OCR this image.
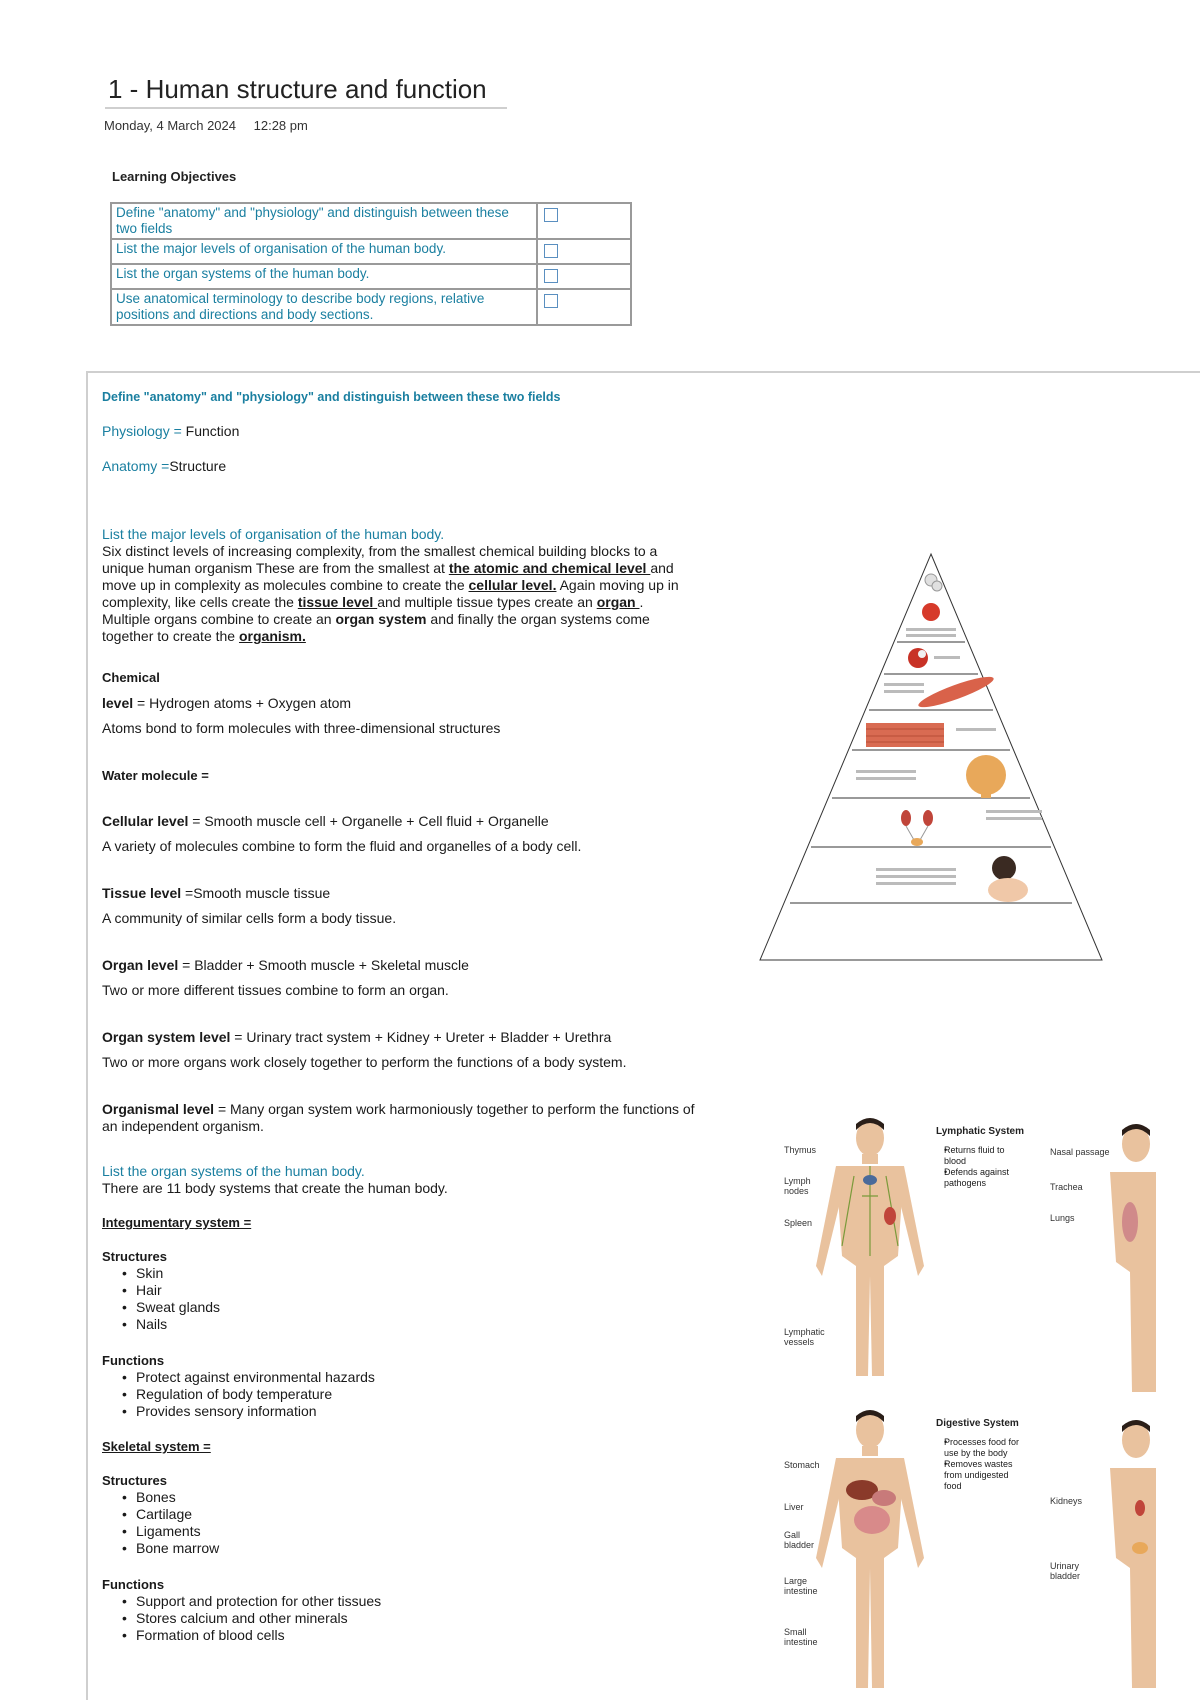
1 - Human structure and function
Monday, 4 March 2024 12:28 pm
Learning Objectives
Define "anatomy" and "physiology" and distinguish between these two fields	
List the major levels of organisation of the human body.	
List the organ systems of the human body.	
Use anatomical terminology to describe body regions, relative positions and directions and body sections.	
Define "anatomy" and "physiology" and distinguish between these two fields
Physiology = Function
Anatomy =Structure
List the major levels of organisation of the human body.
Six distinct levels of increasing complexity, from the smallest chemical building blocks to a
unique human organism These are from the smallest at the atomic and chemical level and
move up in complexity as molecules combine to create the cellular level. Again moving up in
complexity, like cells create the tissue level and multiple tissue types create an organ .
Multiple organs combine to create an organ system and finally the organ systems come
together to create the organism.
Chemical
level = Hydrogen atoms + Oxygen atom
Atoms bond to form molecules with three-dimensional structures
Water molecule =
Cellular level = Smooth muscle cell + Organelle + Cell fluid + Organelle
A variety of molecules combine to form the fluid and organelles of a body cell.
Tissue level =Smooth muscle tissue
A community of similar cells form a body tissue.
Organ level = Bladder + Smooth muscle + Skeletal muscle
Two or more different tissues combine to form an organ.
Organ system level = Urinary tract system + Kidney + Ureter + Bladder + Urethra
Two or more organs work closely together to perform the functions of a body system.
Organismal level = Many organ system work harmoniously together to perform the functions of
an independent organism.
List the organ systems of the human body.
There are 11 body systems that create the human body.
Integumentary system =
Structures
• Skin
• Hair
• Sweat glands
• Nails
Functions
• Protect against environmental hazards
• Regulation of body temperature
• Provides sensory information
Skeletal system =
Structures
• Bones
• Cartilage
• Ligaments
• Bone marrow
Functions
• Support and protection for other tissues
• Stores calcium and other minerals
• Formation of blood cells
Thymus
Lymph nodes
Spleen
Lymphatic vessels
Lymphatic System
• Returns fluid to blood
• Defends against pathogens
Nasal passage
Trachea
Lungs
Stomach
Liver
Gall bladder
Large intestine
Small intestine
Digestive System
• Processes food for use by the body
• Removes wastes from undigested food
Kidneys
Urinary bladder
